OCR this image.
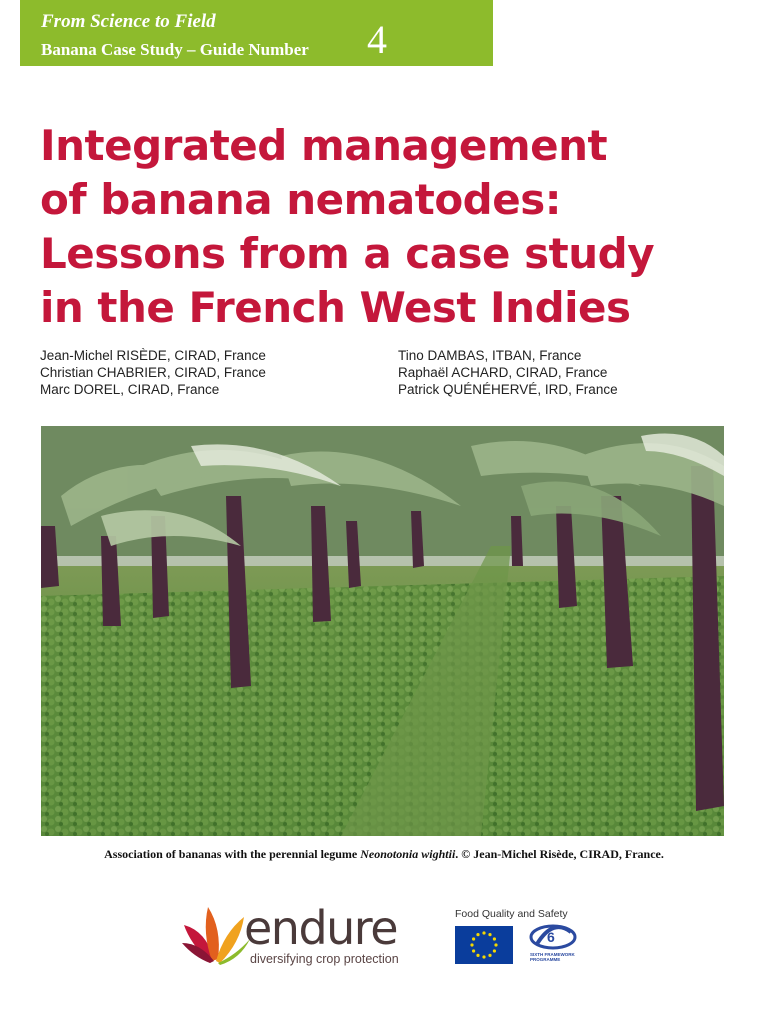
From Science to Field
Banana Case Study – Guide Number 4
Integrated management
of banana nematodes:
Lessons from a case study
in the French West Indies
Jean-Michel RISÈDE, CIRAD, France
Christian CHABRIER, CIRAD, France
Marc DOREL, CIRAD, France
Tino DAMBAS, ITBAN, France
Raphaël ACHARD, CIRAD, France
Patrick QUÉNÉHERVÉ, IRD, France
Association of bananas with the perennial legume Neonotonia wightii. © Jean-Michel Risède, CIRAD, France.
endure
diversifying crop protection
Food Quality and Safety
6
SIXTH FRAMEWORK
PROGRAMME
